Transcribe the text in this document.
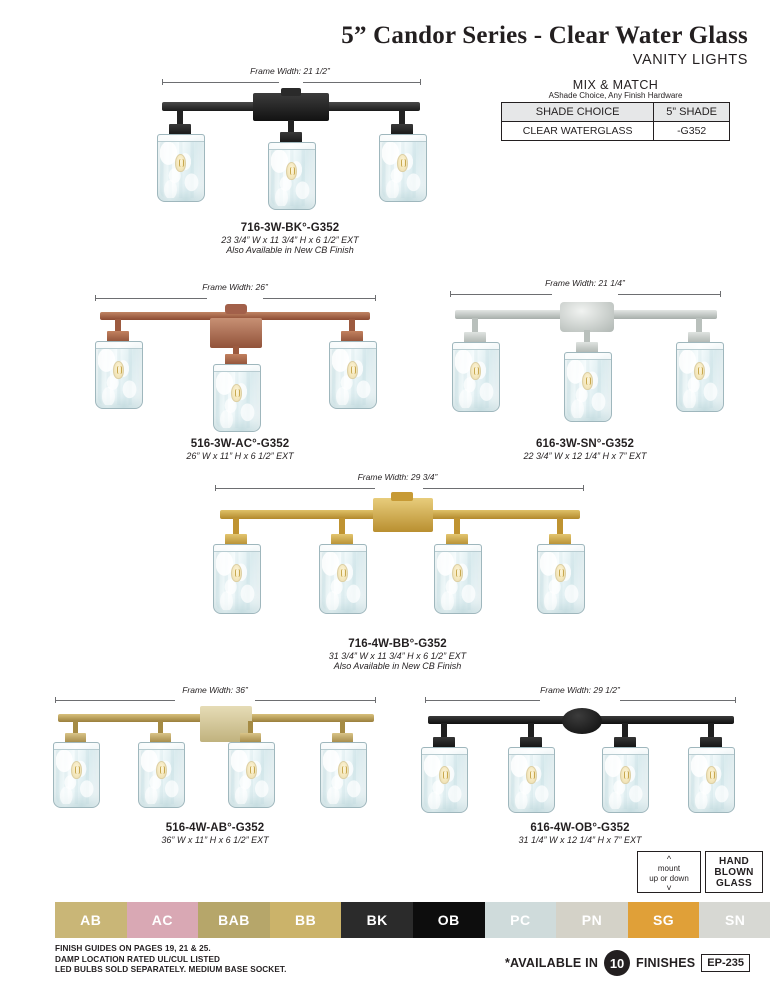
5” Candor Series - Clear Water Glass
VANITY LIGHTS
MIX & MATCH
AShade Choice, Any Finish Hardware
SHADE CHOICE	5” SHADE
CLEAR WATERGLASS	-G352
Frame Width: 21 1/2”
716-3W-BK°-G352
23 3/4” W x 11 3/4” H x 6 1/2” EXT
Also Available in New CB Finish
Frame Width: 26”
516-3W-AC°-G352
26” W x 11” H x 6 1/2” EXT
Frame Width: 21 1/4”
616-3W-SN°-G352
22 3/4” W x 12 1/4” H x 7” EXT
Frame Width: 29 3/4”
716-4W-BB°-G352
31 3/4” W x 11 3/4” H x 6 1/2” EXT
Also Available in New CB Finish
Frame Width: 36”
516-4W-AB°-G352
36” W x 11” H x 6 1/2” EXT
Frame Width: 29 1/2”
616-4W-OB°-G352
31 1/4” W x 12 1/4” H x 7” EXT
^
mount
up or down
˅
HAND
BLOWN
GLASS
AB	AC	BAB	BB	BK	OB	PC	PN	SG	SN
FINISH GUIDES ON PAGES 19, 21 & 25.
DAMP LOCATION RATED UL/CUL LISTED
LED BULBS SOLD SEPARATELY. MEDIUM BASE SOCKET.	*AVAILABLE IN 10 FINISHES	EP-235
